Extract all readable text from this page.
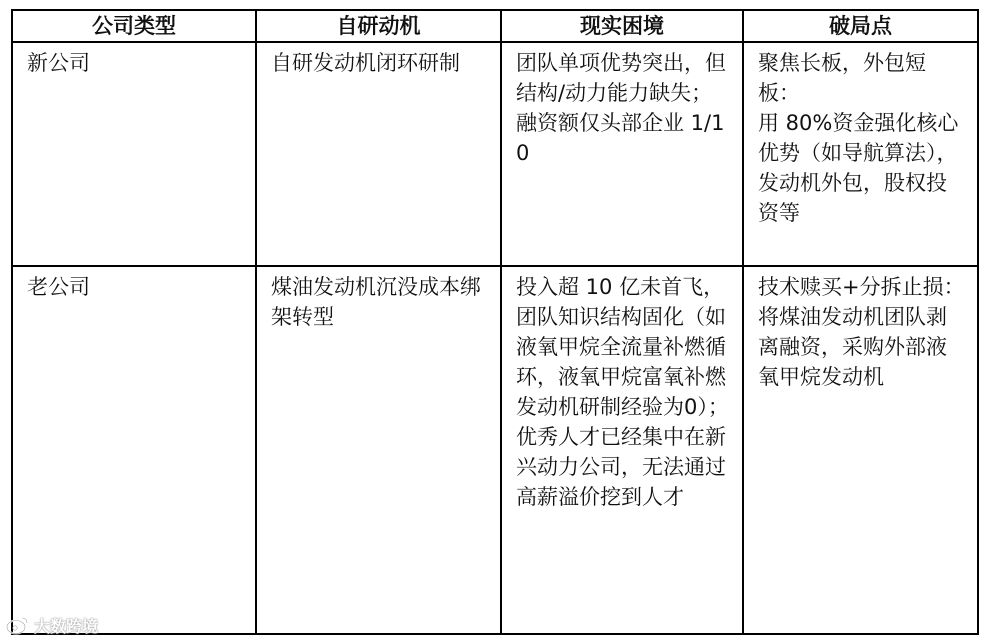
公司类型	自研动机	现实困境	破局点
新公司	自研发动机闭环研制	团队单项优势突出，但结构/动力能力缺失；融资额仅头部企业 1/10	聚焦长板，外包短板：
用 80%资金强化核心优势（如导航算法），发动机外包，股权投资等
老公司	煤油发动机沉没成本绑架转型	投入超 10 亿未首飞，团队知识结构固化（如液氧甲烷全流量补燃循环，液氧甲烷富氧补燃发动机研制经验为0）；优秀人才已经集中在新兴动力公司，无法通过高薪溢价挖到人才	技术赎买+分拆止损：
将煤油发动机团队剥离融资，采购外部液氧甲烷发动机
大数跨境
